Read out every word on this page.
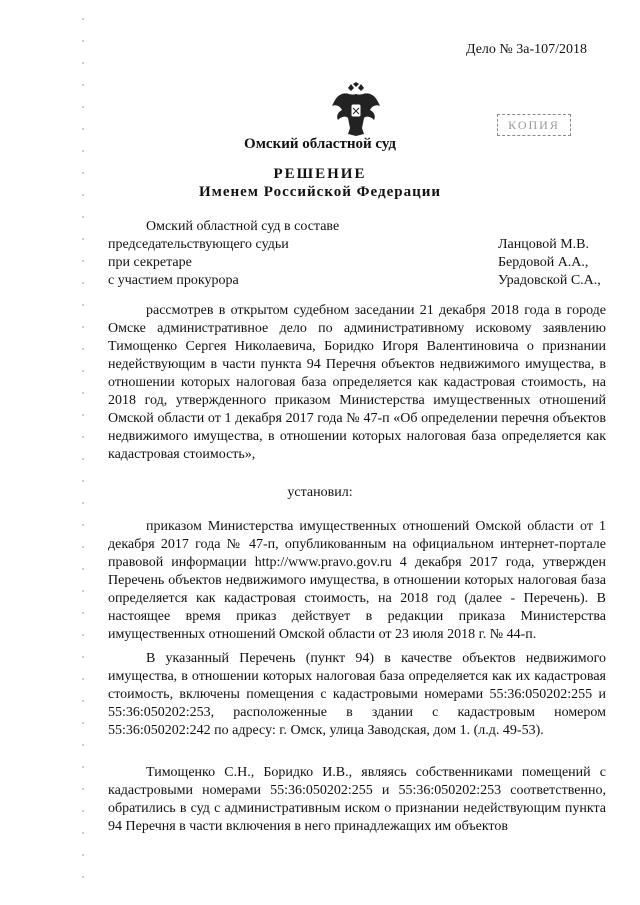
Дело № 3а-107/2018
КОПИЯ
Омский областной суд
РЕШЕНИЕ
Именем Российской Федерации
Омский областной суд в составе
председательствующего судьи	Ланцовой М.В.
при секретаре	Бердовой А.А.,
с участием прокурора	Урадовской С.А.,

рассмотрев в открытом судебном заседании 21 декабря 2018 года в городе Омске административное дело по административному исковому заявлению Тимощенко Сергея Николаевича, Боридко Игоря Валентиновича о признании недействующим в части пункта 94 Перечня объектов недвижимого имущества, в отношении которых налоговая база определяется как кадастровая стоимость, на 2018 год, утвержденного приказом Министерства имущественных отношений Омской области от 1 декабря 2017 года № 47-п «Об определении перечня объектов недвижимого имущества, в отношении которых налоговая база определяется как кадастровая стоимость»,

установил:

приказом Министерства имущественных отношений Омской области от 1 декабря 2017 года № 47-п, опубликованным на официальном интернет-портале правовой информации http://www.pravo.gov.ru 4 декабря 2017 года, утвержден Перечень объектов недвижимого имущества, в отношении которых налоговая база определяется как кадастровая стоимость, на 2018 год (далее - Перечень). В настоящее время приказ действует в редакции приказа Министерства имущественных отношений Омской области от 23 июля 2018 г. № 44-п.

В указанный Перечень (пункт 94) в качестве объектов недвижимого имущества, в отношении которых налоговая база определяется как их кадастровая стоимость, включены помещения с кадастровыми номерами 55:36:050202:255 и 55:36:050202:253, расположенные в здании с кадастровым номером 55:36:050202:242 по адресу: г. Омск, улица Заводская, дом 1. (л.д. 49-53).

Тимощенко С.Н., Боридко И.В., являясь собственниками помещений с кадастровыми номерами 55:36:050202:255 и 55:36:050202:253 соответственно, обратились в суд с административным иском о признании недействующим пункта 94 Перечня в части включения в него принадлежащих им объектов
